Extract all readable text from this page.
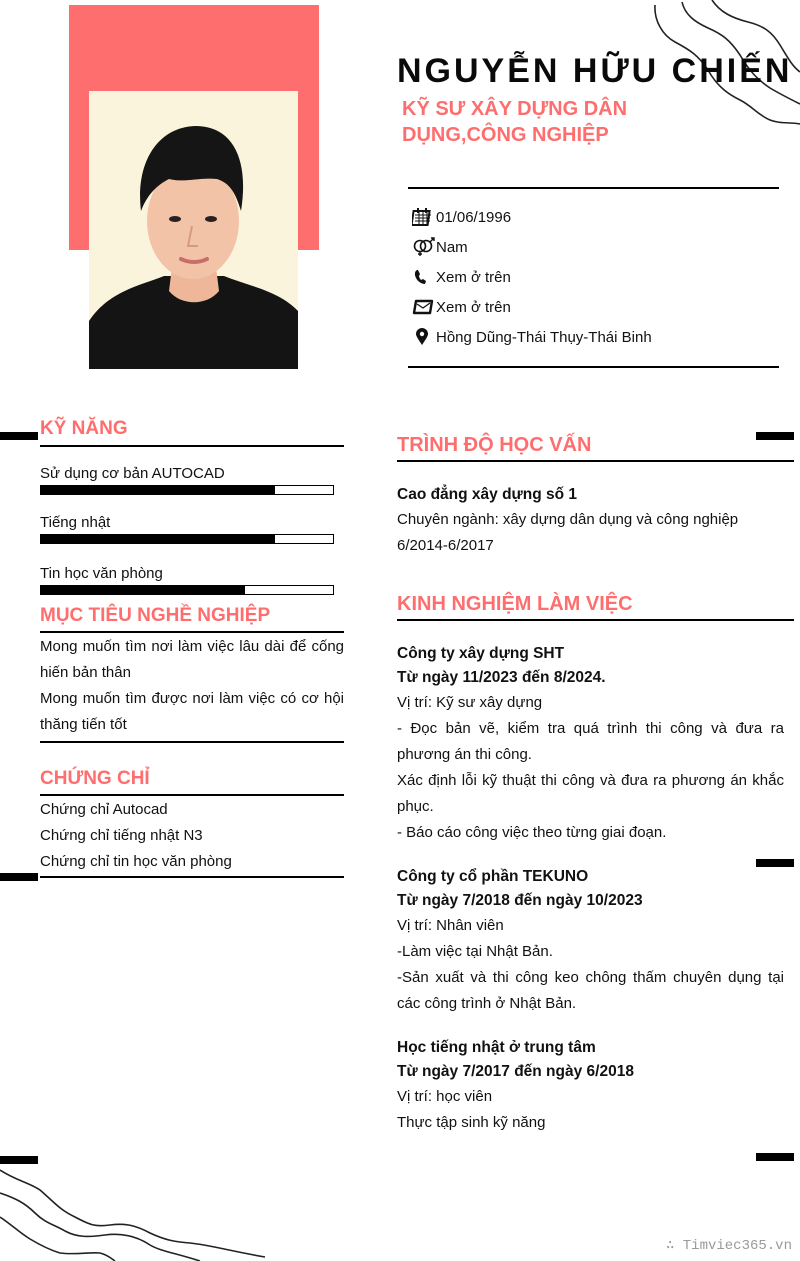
NGUYỄN HỮU CHIẾN
KỸ SƯ XÂY DỰNG DÂN DỤNG,CÔNG NGHIỆP
01/06/1996
Nam
Xem ở trên
Xem ở trên
Hồng Dũng-Thái Thụy-Thái Binh
KỸ NĂNG
Sử dụng cơ bản AUTOCAD
Tiếng nhật
Tin học văn phòng
MỤC TIÊU NGHỀ NGHIỆP
Mong muốn tìm nơi làm việc lâu dài để cống hiến bản thân
Mong muốn tìm được nơi làm việc có cơ hội thăng tiến tốt
CHỨNG CHỈ
Chứng chỉ Autocad
Chứng chỉ tiếng nhật N3
Chứng chỉ tin học văn phòng
TRÌNH ĐỘ HỌC VẤN
Cao đẳng xây dựng số 1
Chuyên ngành: xây dựng dân dụng và công nghiệp
6/2014-6/2017
KINH NGHIỆM LÀM VIỆC
Công ty xây dựng SHT
Từ ngày 11/2023 đến 8/2024.
Vị trí: Kỹ sư xây dựng
- Đọc bản vẽ, kiểm tra quá trình thi công và đưa ra phương án thi công.
Xác định lỗi kỹ thuật thi công và đưa ra phương án khắc phục.
- Báo cáo công việc theo từng giai đoạn.
Công ty cổ phần TEKUNO
Từ ngày 7/2018 đến ngày 10/2023
Vị trí: Nhân viên
-Làm việc tại Nhật Bản.
-Sản xuất và thi công keo chông thấm chuyên dụng tại các công trình ở Nhật Bản.
Học tiếng nhật ở trung tâm
Từ ngày 7/2017 đến ngày 6/2018
Vị trí: học viên
Thực tập sinh kỹ năng
∴ Timviec365.vn
